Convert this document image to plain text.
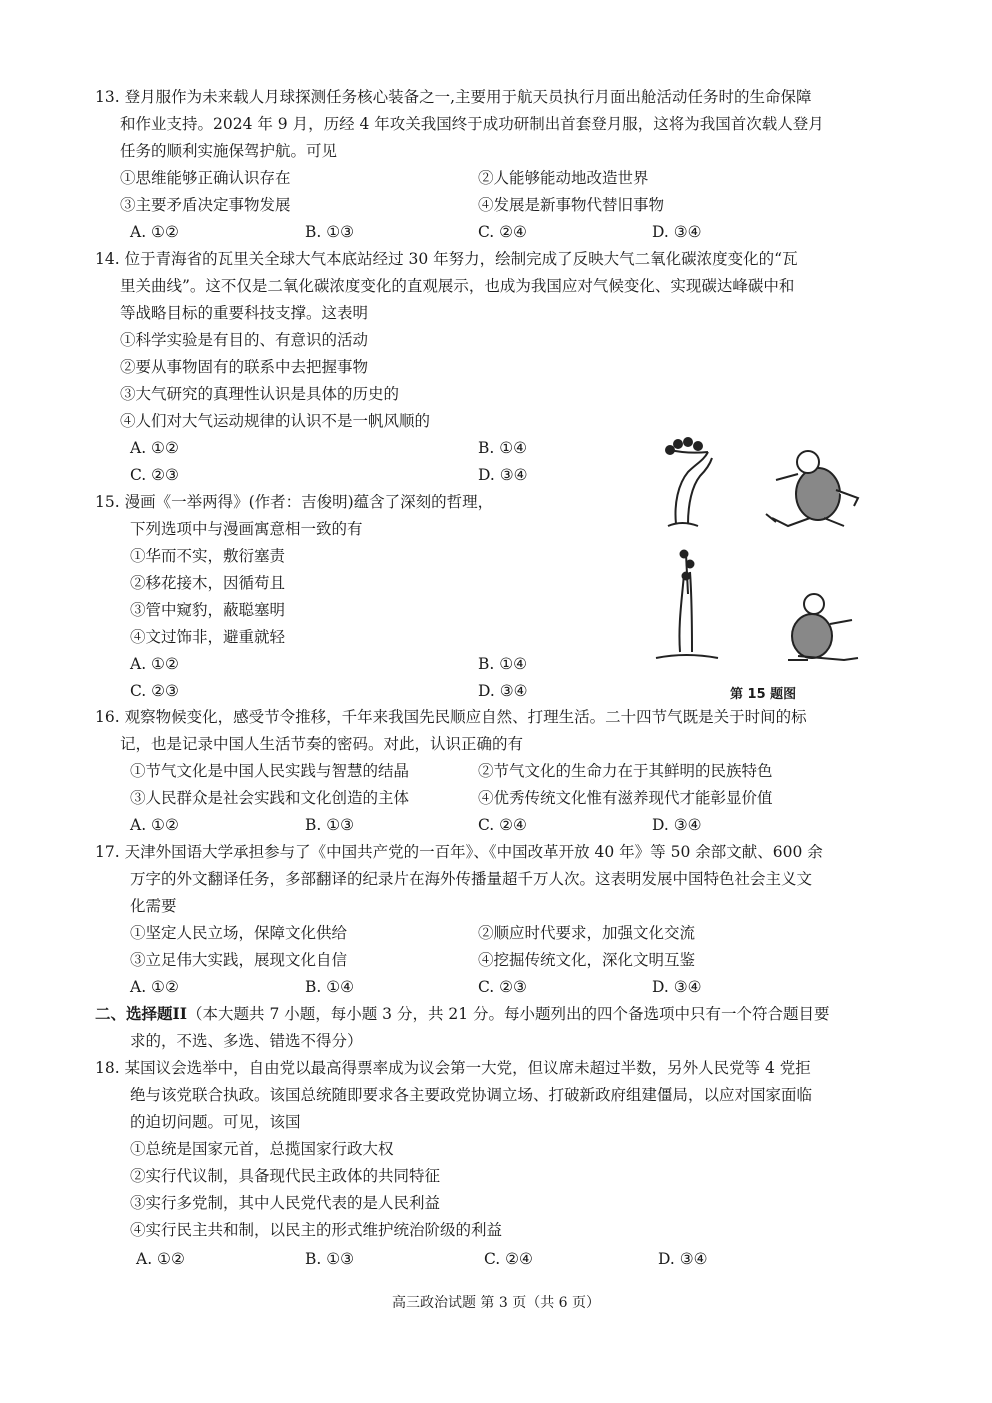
13. 登月服作为未来载人月球探测任务核心装备之一,主要用于航天员执行月面出舱活动任务时的生命保障
和作业支持。2024 年 9 月，历经 4 年攻关我国终于成功研制出首套登月服，这将为我国首次载人登月
任务的顺利实施保驾护航。可见
①思维能够正确认识存在	②人能够能动地改造世界
③主要矛盾决定事物发展	④发展是新事物代替旧事物
A. ①②	B. ①③	C. ②④	D. ③④
14. 位于青海省的瓦里关全球大气本底站经过 30 年努力，绘制完成了反映大气二氧化碳浓度变化的“瓦
里关曲线”。这不仅是二氧化碳浓度变化的直观展示，也成为我国应对气候变化、实现碳达峰碳中和
等战略目标的重要科技支撑。这表明
①科学实验是有目的、有意识的活动
②要从事物固有的联系中去把握事物
③大气研究的真理性认识是具体的历史的
④人们对大气运动规律的认识不是一帆风顺的
A. ①②	B. ①④
C. ②③	D. ③④
15. 漫画《一举两得》(作者：吉俊明)蕴含了深刻的哲理，
下列选项中与漫画寓意相一致的有
①华而不实，敷衍塞责
②移花接木，因循苟且
③管中窥豹，蔽聪塞明
④文过饰非，避重就轻
A. ①②	B. ①④
C. ②③	D. ③④	第 15 题图
16. 观察物候变化，感受节令推移，千年来我国先民顺应自然、打理生活。二十四节气既是关于时间的标
记，也是记录中国人生活节奏的密码。对此，认识正确的有
①节气文化是中国人民实践与智慧的结晶	②节气文化的生命力在于其鲜明的民族特色
③人民群众是社会实践和文化创造的主体	④优秀传统文化惟有滋养现代才能彰显价值
A. ①②	B. ①③	C. ②④	D. ③④
17. 天津外国语大学承担参与了《中国共产党的一百年》、《中国改革开放 40 年》等 50 余部文献、600 余
万字的外文翻译任务，多部翻译的纪录片在海外传播量超千万人次。这表明发展中国特色社会主义文
化需要
①坚定人民立场，保障文化供给	②顺应时代要求，加强文化交流
③立足伟大实践，展现文化自信	④挖掘传统文化，深化文明互鉴
A. ①②	B. ①④	C. ②③	D. ③④
二、选择题II（本大题共 7 小题，每小题 3 分，共 21 分。每小题列出的四个备选项中只有一个符合题目要
求的，不选、多选、错选不得分）
18. 某国议会选举中，自由党以最高得票率成为议会第一大党，但议席未超过半数，另外人民党等 4 党拒
绝与该党联合执政。该国总统随即要求各主要政党协调立场、打破新政府组建僵局，以应对国家面临
的迫切问题。可见，该国
①总统是国家元首，总揽国家行政大权
②实行代议制，具备现代民主政体的共同特征
③实行多党制，其中人民党代表的是人民利益
④实行民主共和制，以民主的形式维护统治阶级的利益
A. ①②	B. ①③	C. ②④	D. ③④
高三政治试题 第 3 页（共 6 页）
